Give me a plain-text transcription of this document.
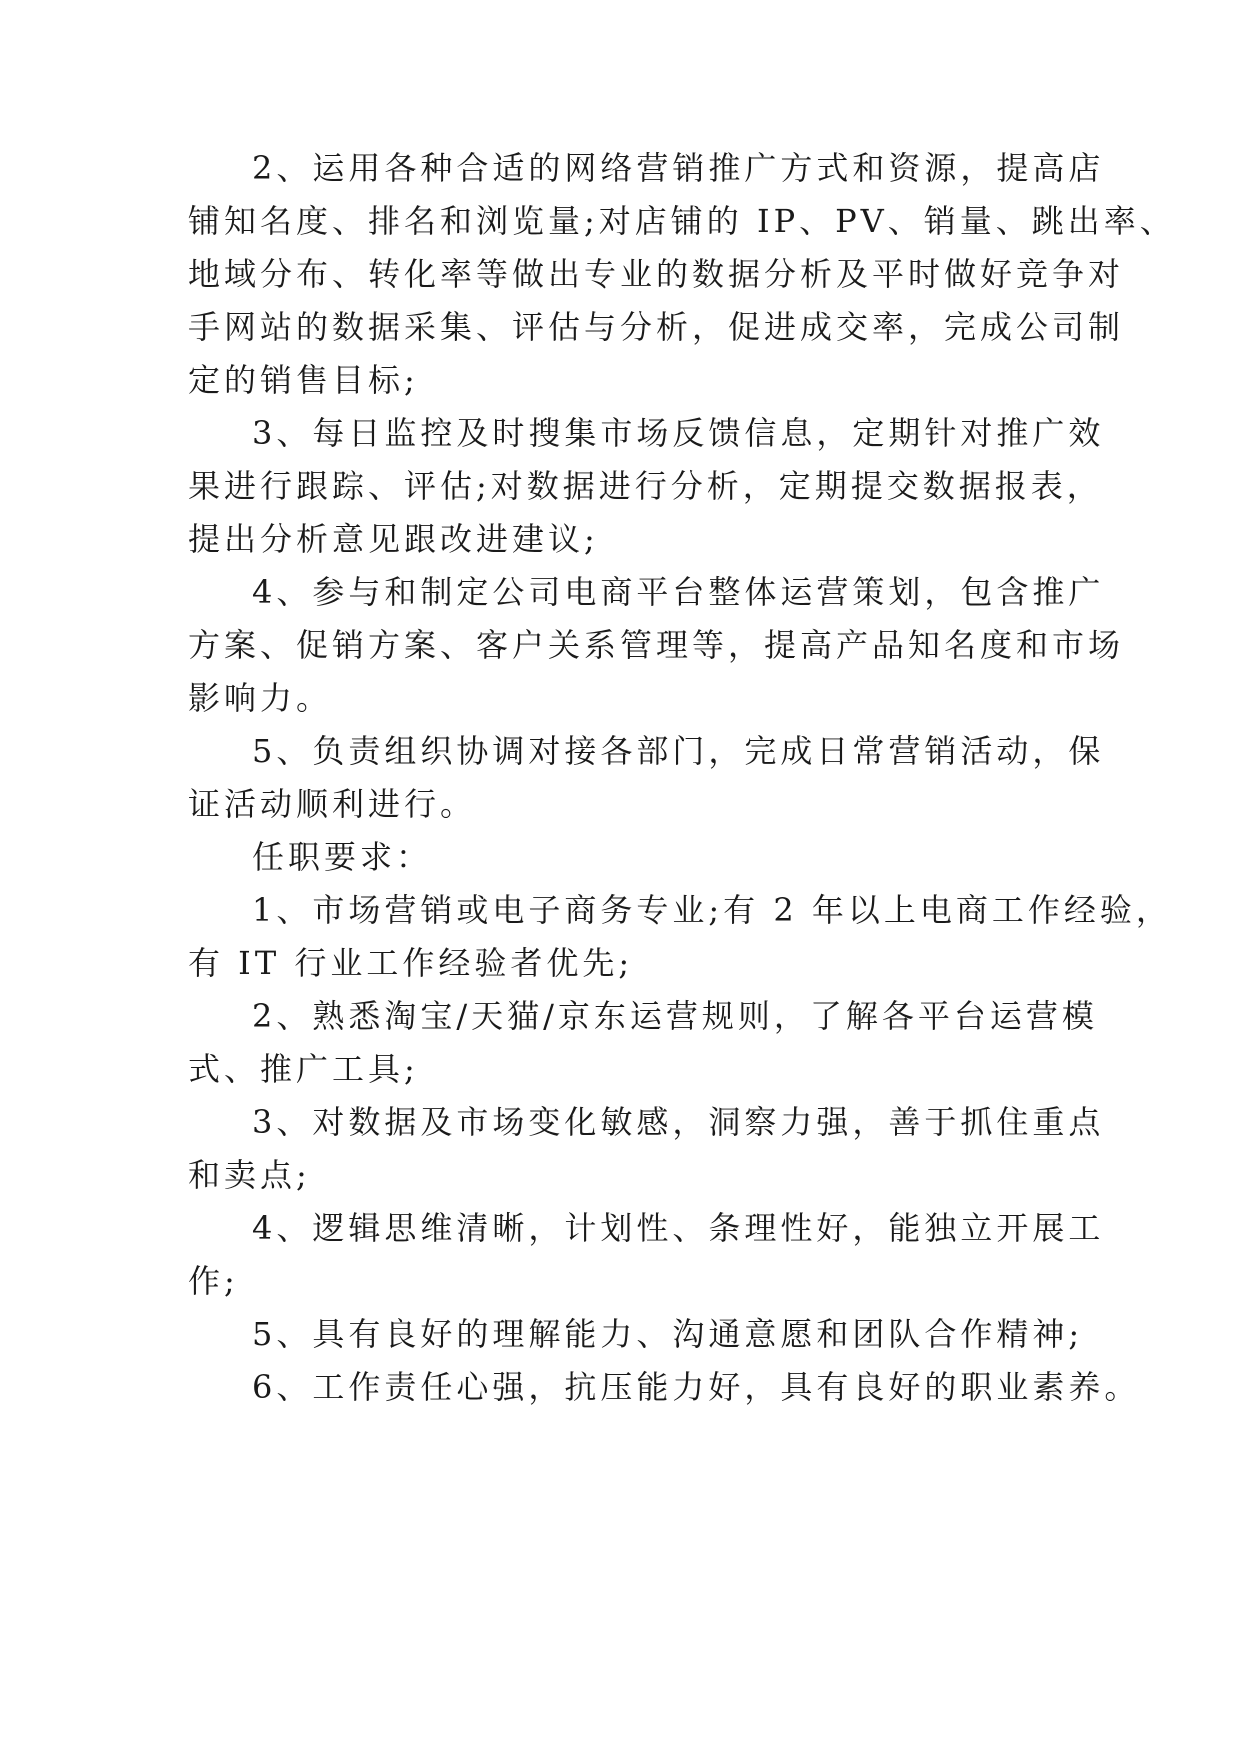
2、运用各种合适的网络营销推广方式和资源，提高店
铺知名度、排名和浏览量;对店铺的 IP、PV、销量、跳出率、
地域分布、转化率等做出专业的数据分析及平时做好竞争对
手网站的数据采集、评估与分析，促进成交率，完成公司制
定的销售目标;
3、每日监控及时搜集市场反馈信息，定期针对推广效
果进行跟踪、评估;对数据进行分析，定期提交数据报表，
提出分析意见跟改进建议;
4、参与和制定公司电商平台整体运营策划，包含推广
方案、促销方案、客户关系管理等，提高产品知名度和市场
影响力。
5、负责组织协调对接各部门，完成日常营销活动，保
证活动顺利进行。
任职要求：
1、市场营销或电子商务专业;有 2 年以上电商工作经验，
有 IT 行业工作经验者优先;
2、熟悉淘宝/天猫/京东运营规则，了解各平台运营模
式、推广工具;
3、对数据及市场变化敏感，洞察力强，善于抓住重点
和卖点;
4、逻辑思维清晰，计划性、条理性好，能独立开展工
作;
5、具有良好的理解能力、沟通意愿和团队合作精神;
6、工作责任心强，抗压能力好，具有良好的职业素养。
